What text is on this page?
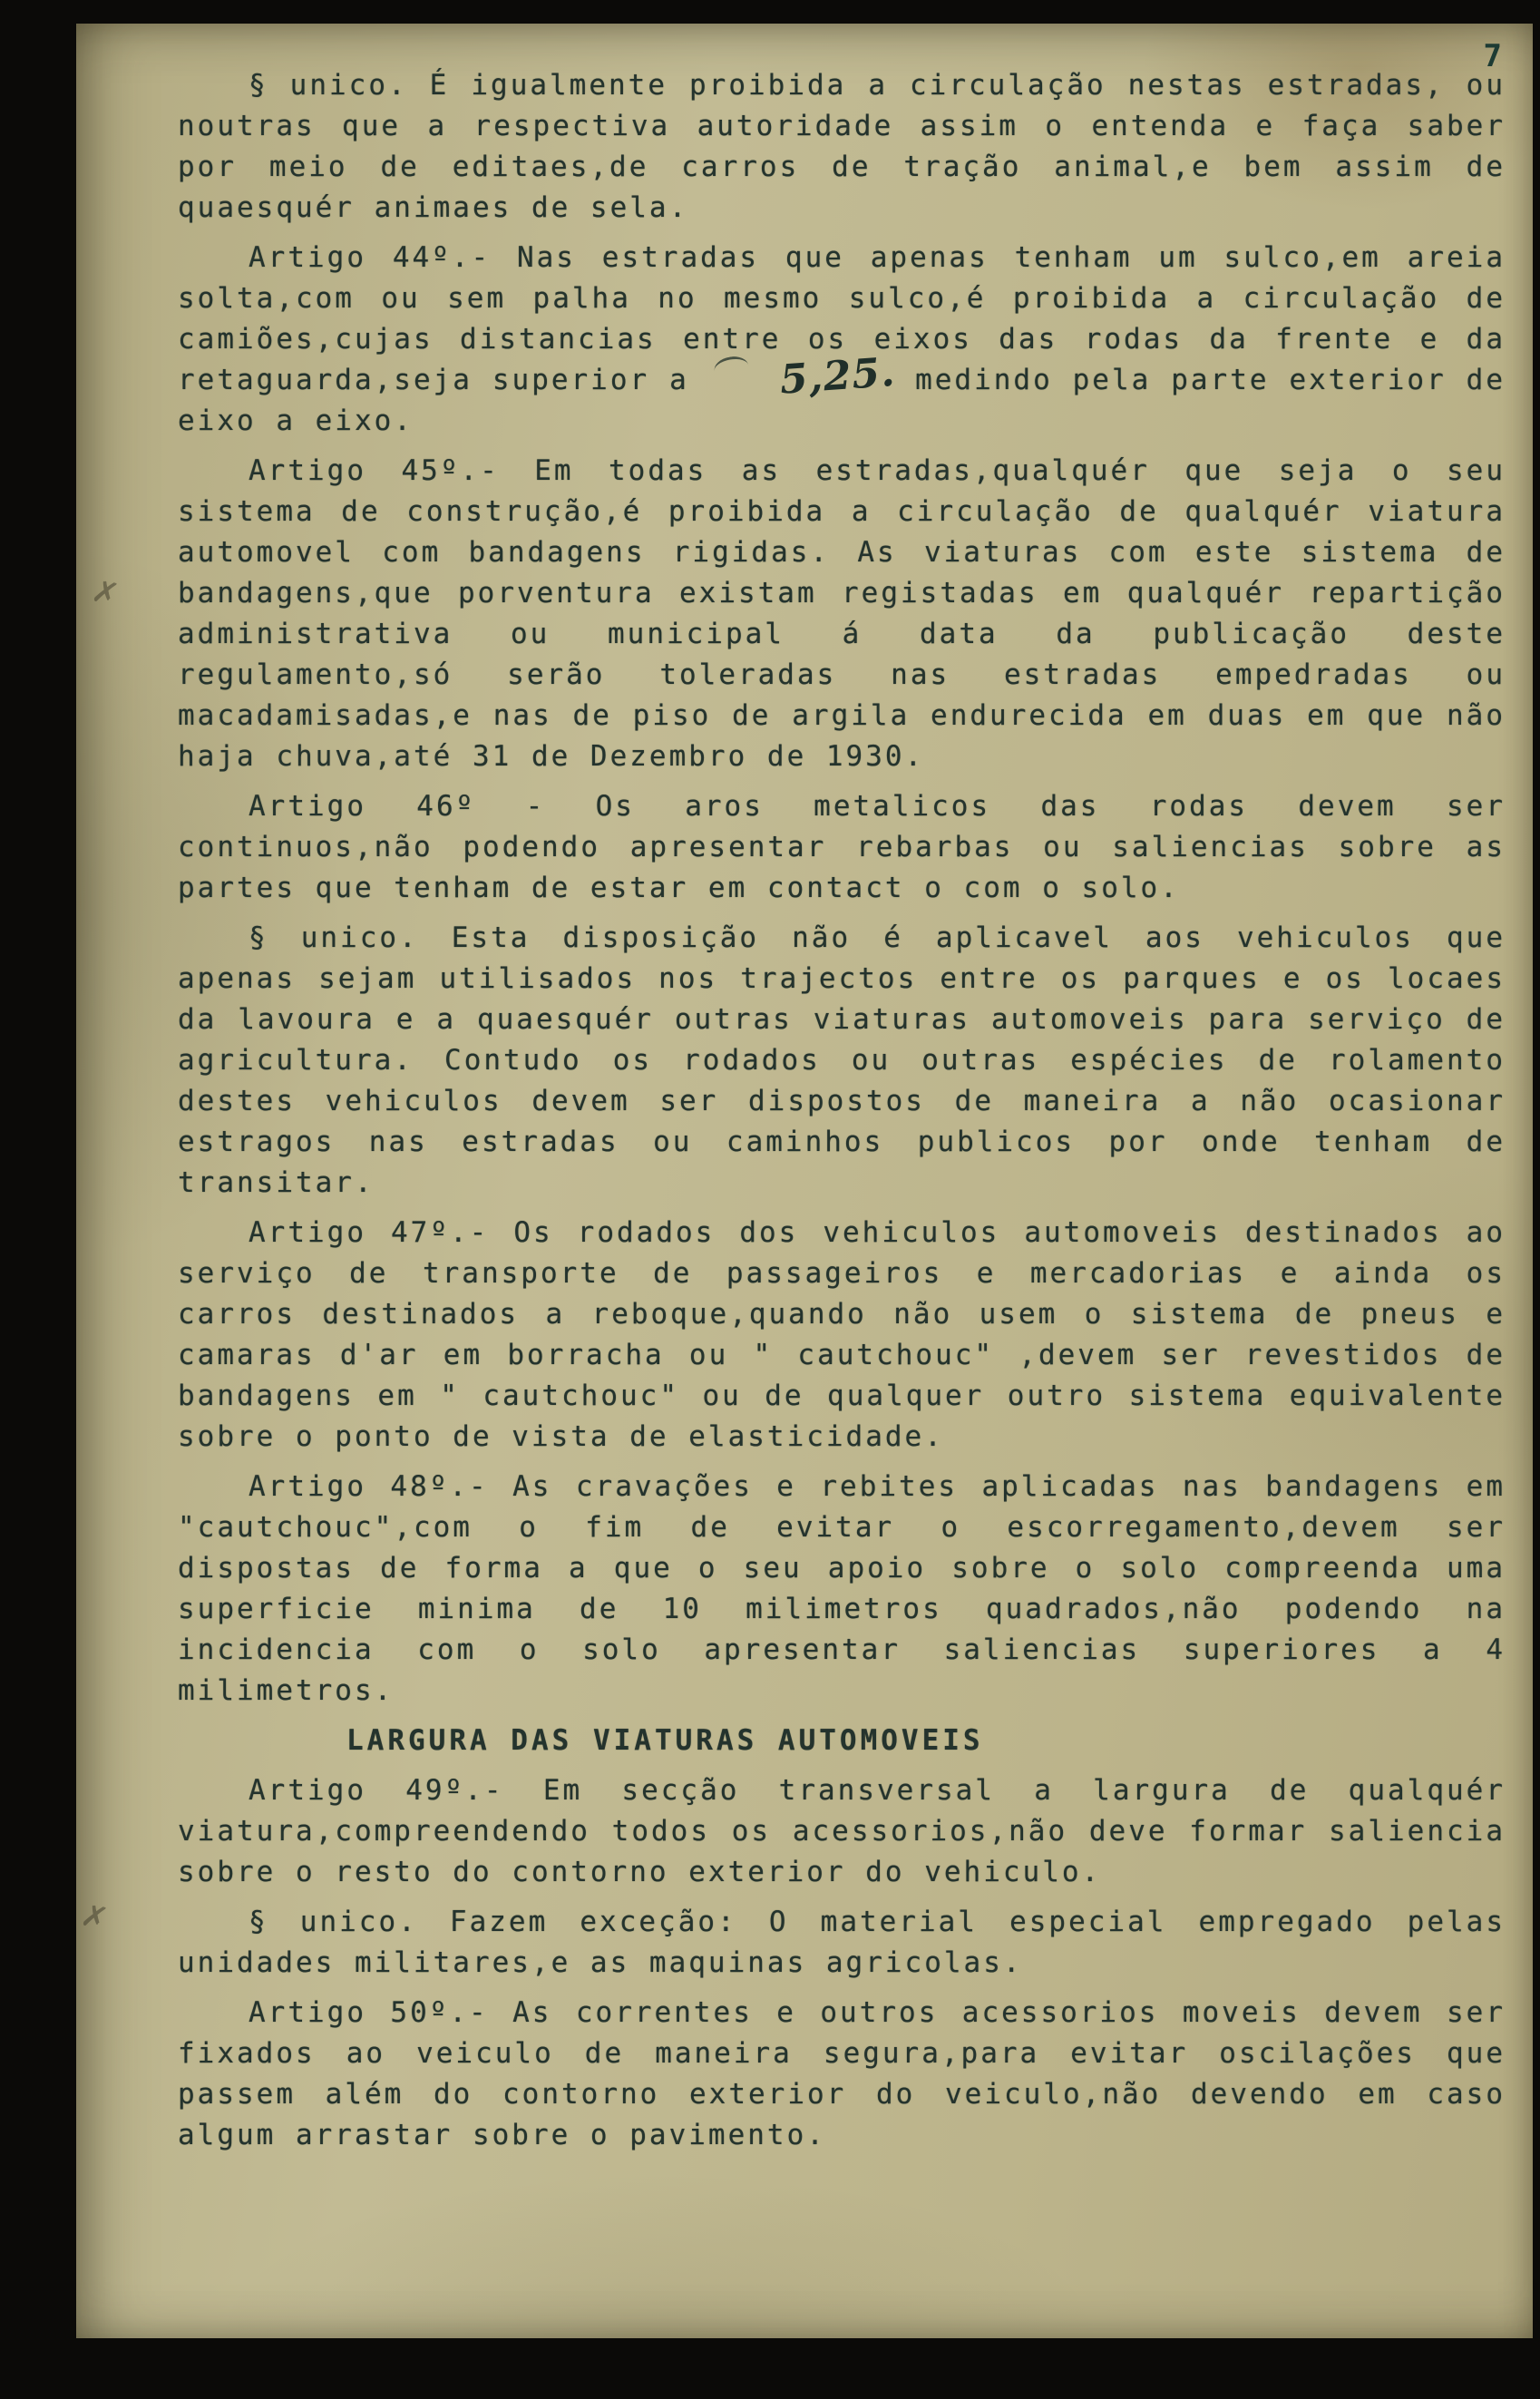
7
✗
✗

§ unico. É igualmente proibida a circulação nestas estradas, ou noutras que a respectiva autoridade assim o entenda e faça saber por meio de editaes,de carros de tração animal,e bem assim de quaesquér animaes de sela.

Artigo 44º.- Nas estradas que apenas tenham um sulco,em areia solta,com ou sem palha no mesmo sulco,é proibida a circulação de camiões,cujas distancias entre os eixos das rodas da frente e da retaguarda,seja superior a 5,25. medindo pela parte exterior de eixo a eixo.

Artigo 45º.- Em todas as estradas,qualquér que seja o seu sistema de construção,é proibida a circulação de qualquér viatura automovel com bandagens rigidas. As viaturas com este sistema de bandagens,que porventura existam registadas em qualquér repartição administrativa ou municipal á data da publicação deste regulamento,só serão toleradas nas estradas empedradas ou macadamisadas,e nas de piso de argila endurecida em duas em que não haja chuva,até 31 de Dezembro de 1930.

Artigo 46º - Os aros metalicos das rodas devem ser continuos,não podendo apresentar rebarbas ou saliencias sobre as partes que tenham de estar em contact o com o solo.

§ unico. Esta disposição não é aplicavel aos vehiculos que apenas sejam utilisados nos trajectos entre os parques e os locaes da lavoura e a quaesquér outras viaturas automoveis para serviço de agricultura. Contudo os rodados ou outras espécies de rolamento destes vehiculos devem ser dispostos de maneira a não ocasionar estragos nas estradas ou caminhos publicos por onde tenham de transitar.

Artigo 47º.- Os rodados dos vehiculos automoveis destinados ao serviço de transporte de passageiros e mercadorias e ainda os carros destinados a reboque,quando não usem o sistema de pneus e camaras d'ar em borracha ou " cautchouc" ,devem ser revestidos de bandagens em " cautchouc" ou de qualquer outro sistema equivalente sobre o ponto de vista de elasticidade.

Artigo 48º.- As cravações e rebites aplicadas nas bandagens em "cautchouc",com o fim de evitar o escorregamento,devem ser dispostas de forma a que o seu apoio sobre o solo compreenda uma superficie minima de 10 milimetros quadrados,não podendo na incidencia com o solo apresentar saliencias superiores a 4 milimetros.

LARGURA DAS VIATURAS AUTOMOVEIS

Artigo 49º.- Em secção transversal a largura de qualquér viatura,compreendendo todos os acessorios,não deve formar saliencia sobre o resto do contorno exterior do vehiculo.

§ unico. Fazem exceção: O material especial empregado pelas unidades militares,e as maquinas agricolas.

Artigo 50º.- As correntes e outros acessorios moveis devem ser fixados ao veiculo de maneira segura,para evitar oscilações que passem além do contorno exterior do veiculo,não devendo em caso algum arrastar sobre o pavimento.
